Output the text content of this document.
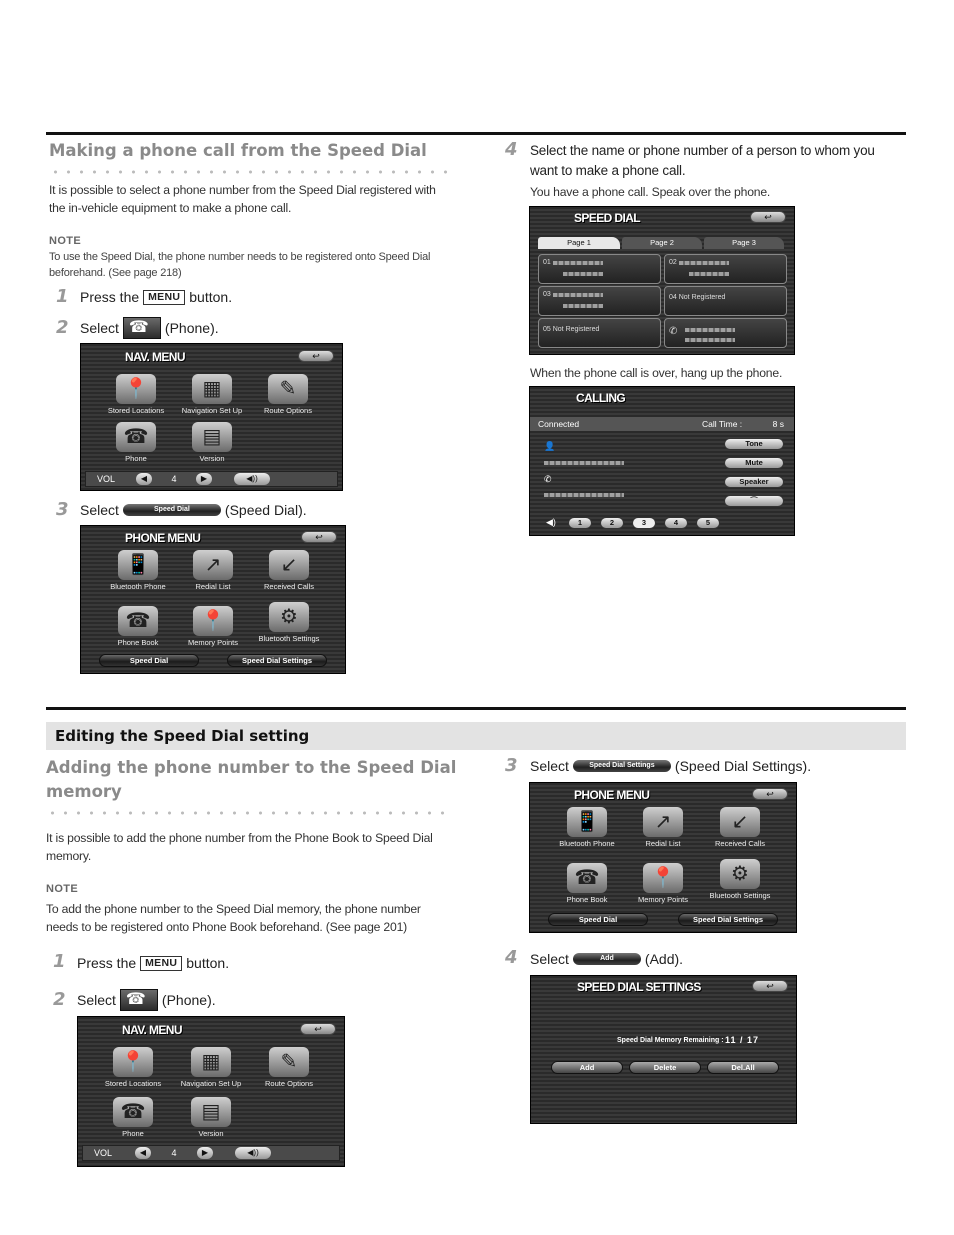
Making a phone call from the Speed Dial
It is possible to select a phone number from the Speed Dial registered with the in-vehicle equipment to make a phone call.
NOTE
To use the Speed Dial, the phone number needs to be registered onto Speed Dial beforehand. (See page 218)
1 Press the MENU button.
2 Select ☎	(Phone).
NAV. MENU	↩
📍
Stored Locations
▦
Navigation Set Up
✎
Route Options
☎
Phone
▤
Version
VOL	◀	4	▶	◀))
3 Select	Speed Dial	(Speed Dial).
PHONE MENU	↩
📱
Bluetooth Phone
↗
Redial List
↙
Received Calls
☎
Phone Book
📍
Memory Points
⚙
Bluetooth Settings
Speed Dial	Speed Dial Settings
4 Select the name or phone number of a person to whom you want to make a phone call.
You have a phone call. Speak over the phone.
SPEED DIAL	↩
Page 1	Page 2	Page 3
01	02
03	04 Not Registered
05 Not Registered	✆
When the phone call is over, hang up the phone.
CALLING
Connected	Call Time :	8 s
👤
✆
Tone
Mute
Speaker
⌒
◀)	1	2	3	4	5
Editing the Speed Dial setting
Adding the phone number to the Speed Dial
memory
It is possible to add the phone number from the Phone Book to Speed Dial memory.
NOTE
To add the phone number to the Speed Dial memory, the phone number needs to be registered onto Phone Book beforehand. (See page 201)
1 Press the MENU button.
2 Select ☎	(Phone).
NAV. MENU	↩
📍
Stored Locations
▦
Navigation Set Up
✎
Route Options
☎
Phone
▤
Version
VOL	◀	4	▶	◀))
3 Select	Speed Dial Settings	(Speed Dial Settings).
PHONE MENU	↩
📱
Bluetooth Phone
↗
Redial List
↙
Received Calls
☎
Phone Book
📍
Memory Points
⚙
Bluetooth Settings
Speed Dial	Speed Dial Settings
4 Select	Add	(Add).
SPEED DIAL SETTINGS	↩
Speed Dial Memory Remaining : 11 / 17
Add	Delete	Del.All
